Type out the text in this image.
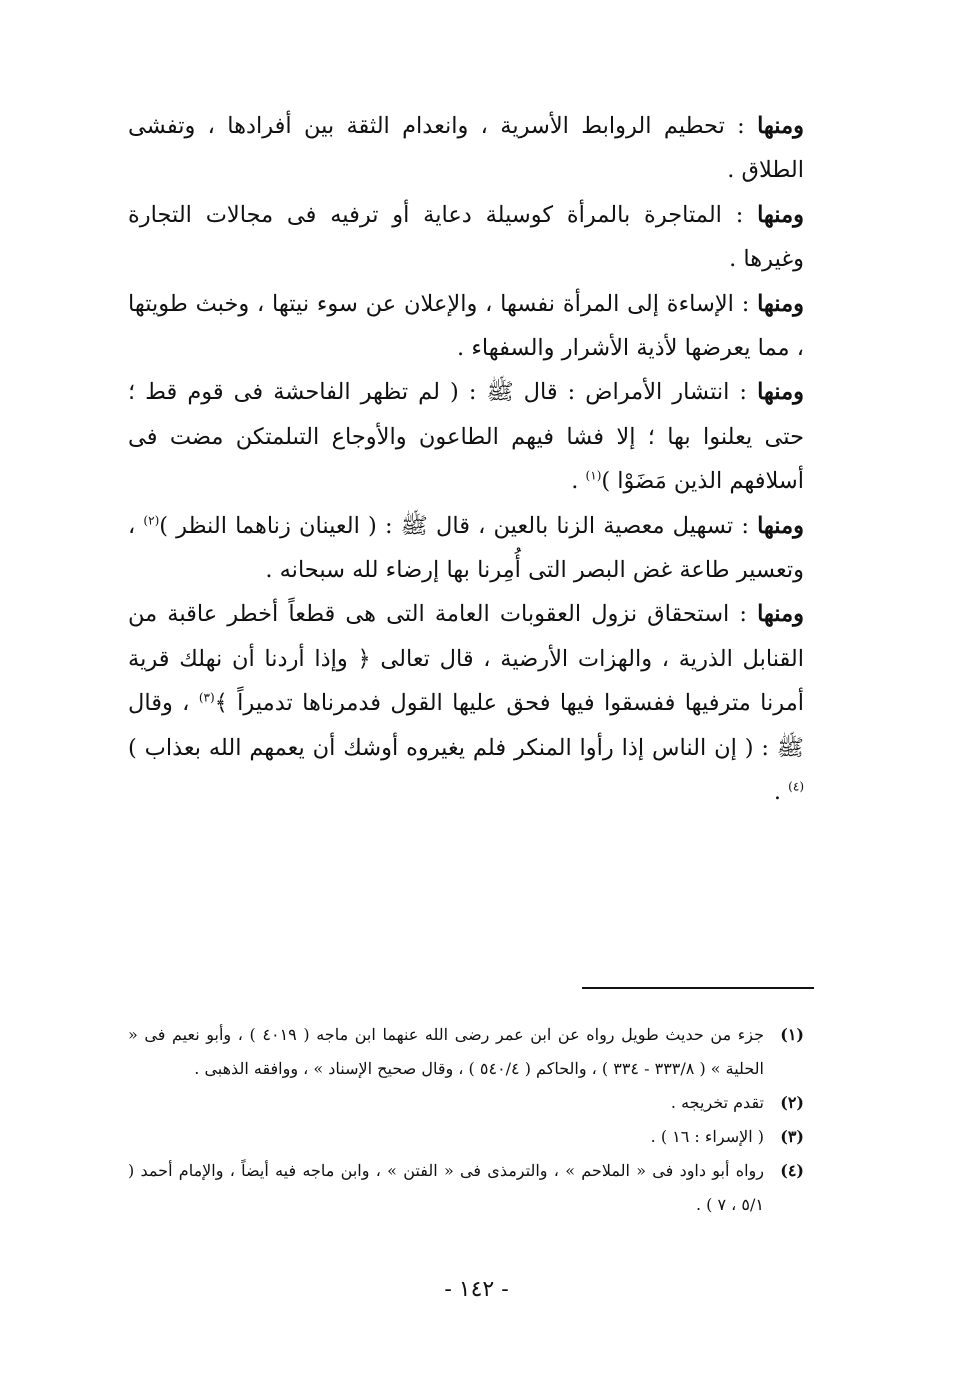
ومنها : تحطيم الروابط الأسرية ، وانعدام الثقة بين أفرادها ، وتفشى الطلاق .

ومنها : المتاجرة بالمرأة كوسيلة دعاية أو ترفيه فى مجالات التجارة وغيرها .

ومنها : الإساءة إلى المرأة نفسها ، والإعلان عن سوء نيتها ، وخبث طويتها ، مما يعرضها لأذية الأشرار والسفهاء .

ومنها : انتشار الأمراض : قال ﷺ : ( لم تظهر الفاحشة فى قوم قط ؛ حتى يعلنوا بها ؛ إلا فشا فيهم الطاعون والأوجاع التىلمتكن مضت فى أسلافهم الذين مَضَوْا )$^{(١)}$ .

ومنها : تسهيل معصية الزنا بالعين ، قال ﷺ : ( العينان زناهما النظر )$^{(٢)}$ ، وتعسير طاعة غض البصر التى أُمِرنا بها إرضاء لله سبحانه .

ومنها : استحقاق نزول العقوبات العامة التى هى قطعاً أخطر عاقبة من القنابل الذرية ، والهزات الأرضية ، قال تعالى ﴿ وإذا أردنا أن نهلك قرية أمرنا مترفيها ففسقوا فيها فحق عليها القول فدمرناها تدميراً ﴾$^{(٣)}$ ، وقال ﷺ : ( إن الناس إذا رأوا المنكر فلم يغيروه أوشك أن يعمهم الله بعذاب )$^{(٤)}$ .

(١)
جزء من حديث طويل رواه عن ابن عمر رضى الله عنهما ابن ماجه ( ٤٠١٩ ) ، وأبو نعيم فى « الحلية » ( ٣٣٣/٨ - ٣٣٤ ) ، والحاكم ( ٥٤٠/٤ ) ، وقال صحيح الإسناد » ، ووافقه الذهبى .
(٢)
تقدم تخريجه .
(٣)
( الإسراء : ١٦ ) .
(٤)
رواه أبو داود فى « الملاحم » ، والترمذى فى « الفتن » ، وابن ماجه فيه أيضاً ، والإمام أحمد ( ٥/١ ، ٧ ) .
- ١٤٢ -
